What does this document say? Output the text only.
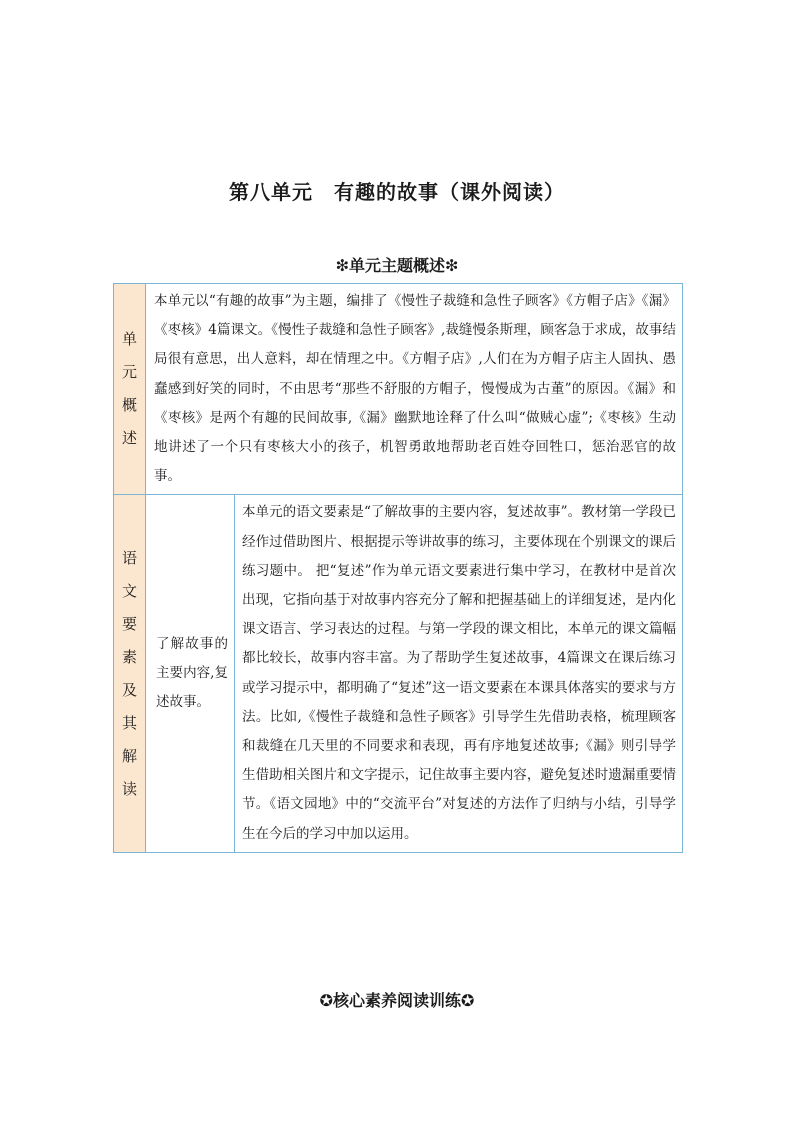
第八单元　有趣的故事（课外阅读）
❇单元主题概述❇
单元概述	本单元以“有趣的故事”为主题，编排了《慢性子裁缝和急性子顾客》《方帽子店》《漏》《枣核》4篇课文。《慢性子裁缝和急性子顾客》,裁缝慢条斯理，顾客急于求成，故事结局很有意思，出人意料，却在情理之中。《方帽子店》,人们在为方帽子店主人固执、愚蠢感到好笑的同时，不由思考“那些不舒服的方帽子，慢慢成为古董”的原因。《漏》和《枣核》是两个有趣的民间故事,《漏》幽默地诠释了什么叫“做贼心虚”;《枣核》生动地讲述了一个只有枣核大小的孩子，机智勇敢地帮助老百姓夺回牲口，惩治恶官的故事。	

语文要素及其解读	了解故事的主要内容,复述故事。	本单元的语文要素是“了解故事的主要内容，复述故事”。教材第一学段已经作过借助图片、根据提示等讲故事的练习，主要体现在个别课文的课后练习题中。 把“复述”作为单元语文要素进行集中学习，在教材中是首次出现，它指向基于对故事内容充分了解和把握基础上的详细复述，是内化课文语言、学习表达的过程。与第一学段的课文相比，本单元的课文篇幅都比较长，故事内容丰富。为了帮助学生复述故事，4篇课文在课后练习或学习提示中，都明确了“复述”这一语文要素在本课具体落实的要求与方法。比如,《慢性子裁缝和急性子顾客》引导学生先借助表格，梳理顾客和裁缝在几天里的不同要求和表现，再有序地复述故事;《漏》则引导学生借助相关图片和文字提示，记住故事主要内容，避免复述时遗漏重要情节。《语文园地》中的“交流平台”对复述的方法作了归纳与小结，引导学生在今后的学习中加以运用。
✪核心素养阅读训练✪
